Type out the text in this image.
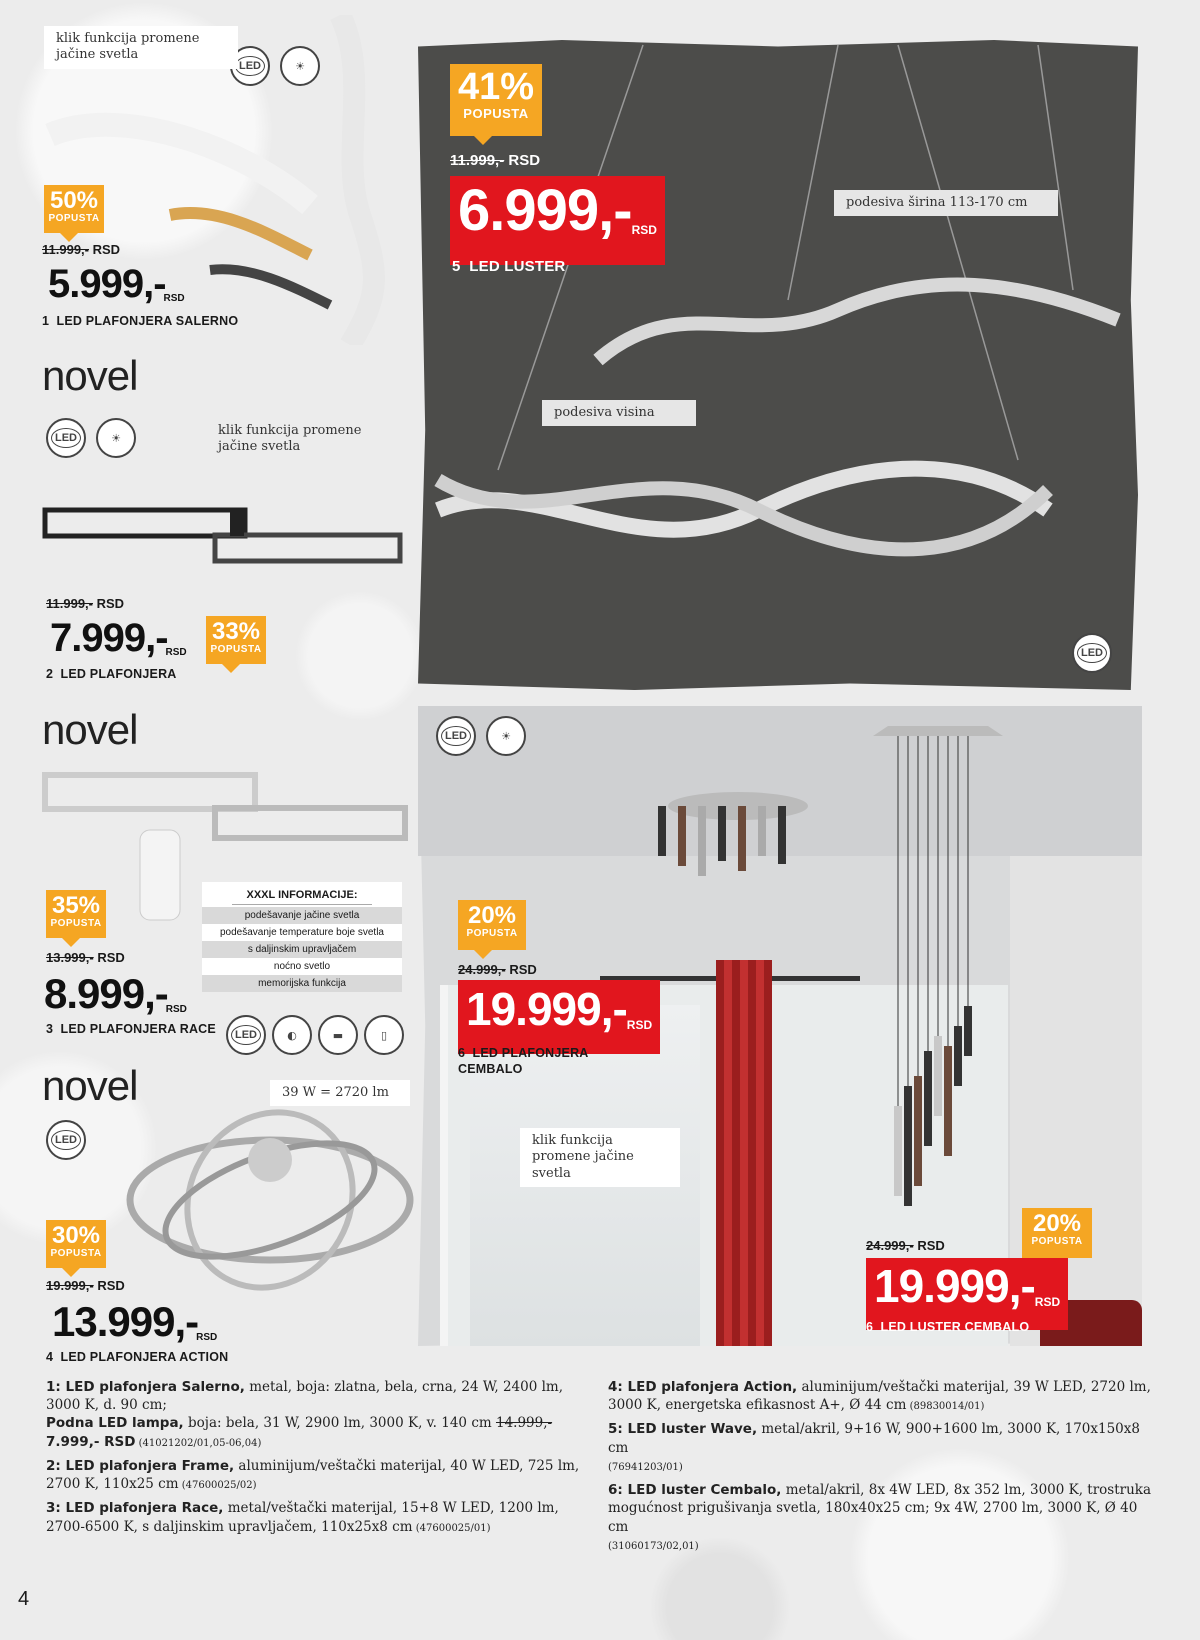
LED	☀
novel
LED	☀
novel
novel
LED
LED	◐	▬	▯
LED	☀
LED
klik funkcija promene jačine svetla
klik funkcija promene jačine svetla
podesiva širina 113-170 cm
podesiva visina
39 W = 2720 lm
klik funkcija promene jačine svetla
XXXL INFORMACIJE:
podešavanje jačine svetla
podešavanje temperature boje svetla
s daljinskim upravljačem
noćno svetlo
memorijska funkcija
50%
POPUSTA
11.999,- RSD
5.999,-RSD
1 LED PLAFONJERA SALERNO
11.999,- RSD
7.999,-RSD
33%
POPUSTA
2 LED PLAFONJERA
35%
POPUSTA
13.999,- RSD
8.999,-RSD
3 LED PLAFONJERA RACE
30%
POPUSTA
19.999,- RSD
13.999,-RSD
4 LED PLAFONJERA ACTION
41%
POPUSTA
11.999,- RSD
6.999,-RSD
5 LED LUSTER
20%
POPUSTA
24.999,- RSD
19.999,-RSD
6 LED PLAFONJERA
CEMBALO
20%
POPUSTA
24.999,- RSD
19.999,-RSD
6 LED LUSTER CEMBALO

1: LED plafonjera Salerno, metal, boja: zlatna, bela, crna, 24 W, 2400 lm, 3000 K, d. 90 cm;
Podna LED lampa, boja: bela, 31 W, 2900 lm, 3000 K, v. 140 cm 14.999,- 7.999,- RSD (41021202/01,05-06,04)

2: LED plafonjera Frame, aluminijum/veštački materijal, 40 W LED, 725 lm, 2700 K, 110x25 cm (47600025/02)

3: LED plafonjera Race, metal/veštački materijal, 15+8 W LED, 1200 lm, 2700-6500 K, s daljinskim upravljačem, 110x25x8 cm (47600025/01)

4: LED plafonjera Action, aluminijum/veštački materijal, 39 W LED, 2720 lm, 3000 K, energetska efikasnost A+, Ø 44 cm (89830014/01)

5: LED luster Wave, metal/akril, 9+16 W, 900+1600 lm, 3000 K, 170x150x8 cm
(76941203/01)

6: LED luster Cembalo, metal/akril, 8x 4W LED, 8x 352 lm, 3000 K, trostruka mogućnost prigušivanja svetla, 180x40x25 cm; 9x 4W, 2700 lm, 3000 K, Ø 40 cm
(31060173/02,01)

4
